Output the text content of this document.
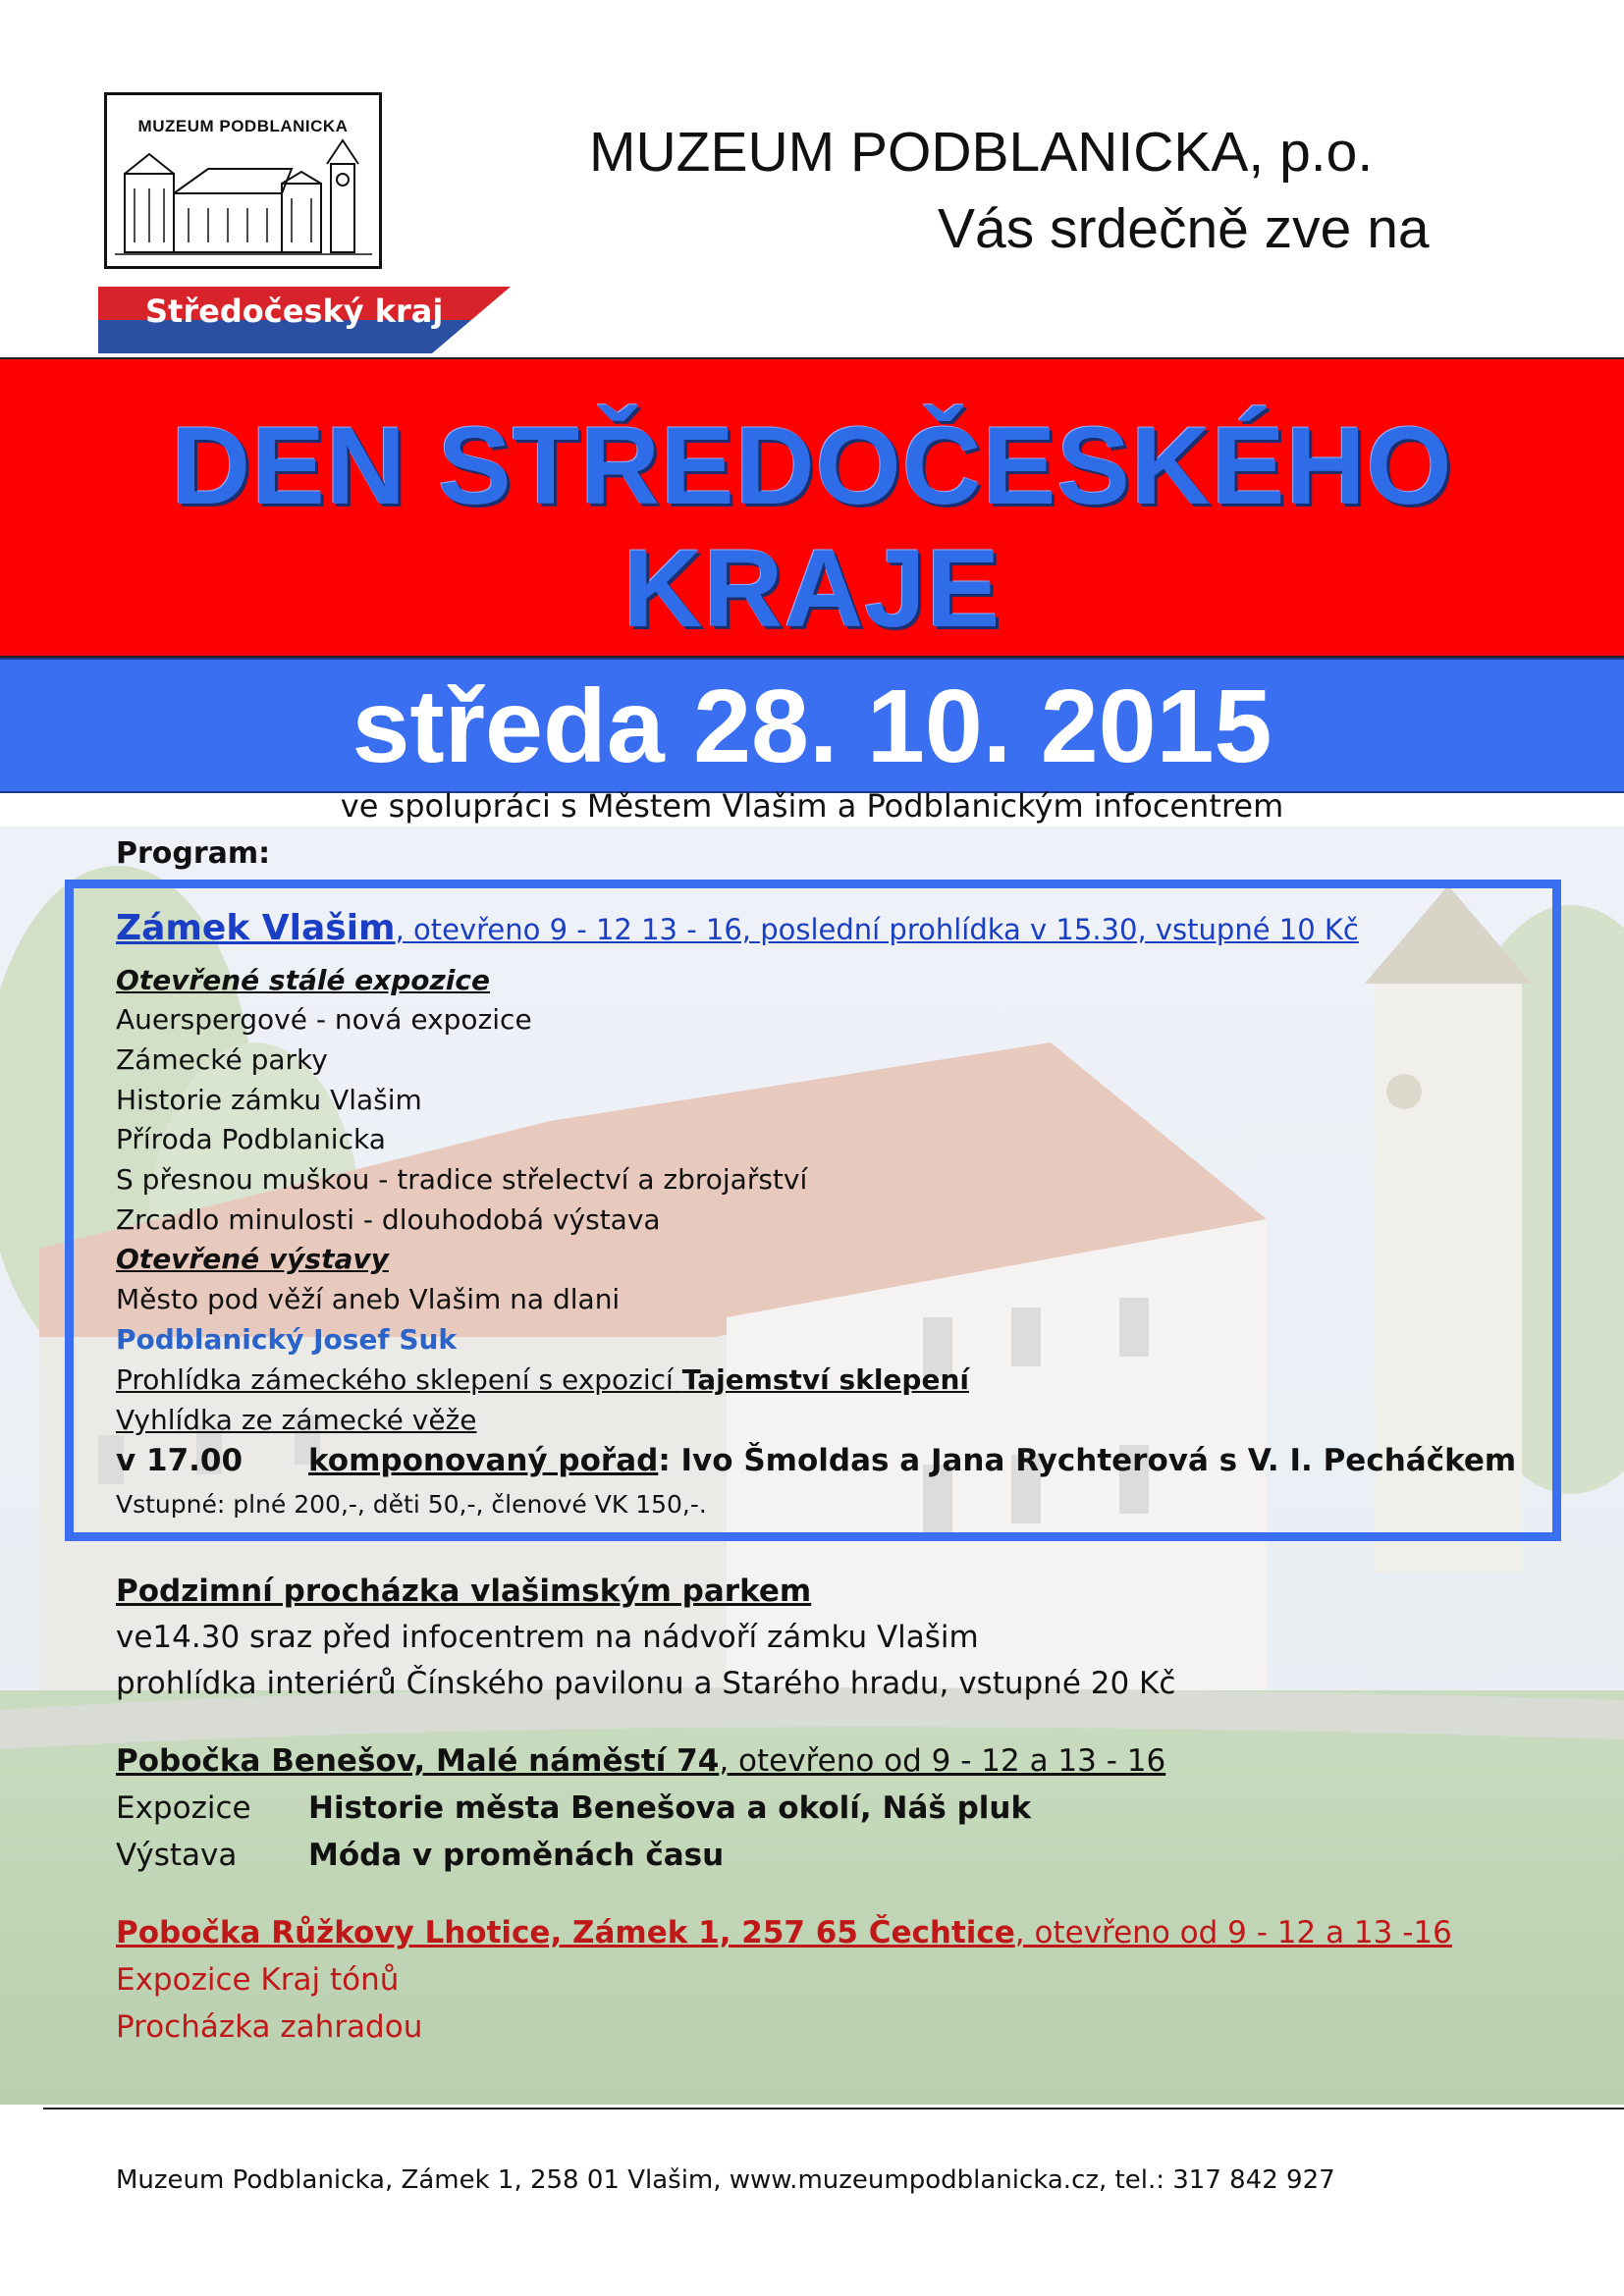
MUZEUM PODBLANICKA
Středočeský kraj
MUZEUM PODBLANICKA, p.o.
Vás srdečně zve na
DEN STŘEDOČESKÉHO
KRAJE
středa 28. 10. 2015
ve spolupráci s Městem Vlašim a Podblanickým infocentrem
Program:
Zámek Vlašim, otevřeno 9 - 12 13 - 16, poslední prohlídka v 15.30, vstupné 10 Kč
Otevřené stálé expozice
Auerspergové - nová expozice
Zámecké parky
Historie zámku Vlašim
Příroda Podblanicka
S přesnou muškou - tradice střelectví a zbrojařství
Zrcadlo minulosti - dlouhodobá výstava
Otevřené výstavy
Město pod věží aneb Vlašim na dlani
Podblanický Josef Suk
Prohlídka zámeckého sklepení s expozicí Tajemství sklepení
Vyhlídka ze zámecké věže
v 17.00 komponovaný pořad: Ivo Šmoldas a Jana Rychterová s V. I. Pecháčkem
Vstupné: plné 200,-, děti 50,-, členové VK 150,-.
Podzimní procházka vlašimským parkem
ve14.30 sraz před infocentrem na nádvoří zámku Vlašim
prohlídka interiérů Čínského pavilonu a Starého hradu, vstupné 20 Kč
Pobočka Benešov, Malé náměstí 74, otevřeno od 9 - 12 a 13 - 16
Expozice Historie města Benešova a okolí, Náš pluk
Výstava Móda v proměnách času
Pobočka Růžkovy Lhotice, Zámek 1, 257 65 Čechtice, otevřeno od 9 - 12 a 13 -16
Expozice Kraj tónů
Procházka zahradou
Muzeum Podblanicka, Zámek 1, 258 01 Vlašim, www.muzeumpodblanicka.cz, tel.: 317 842 927
